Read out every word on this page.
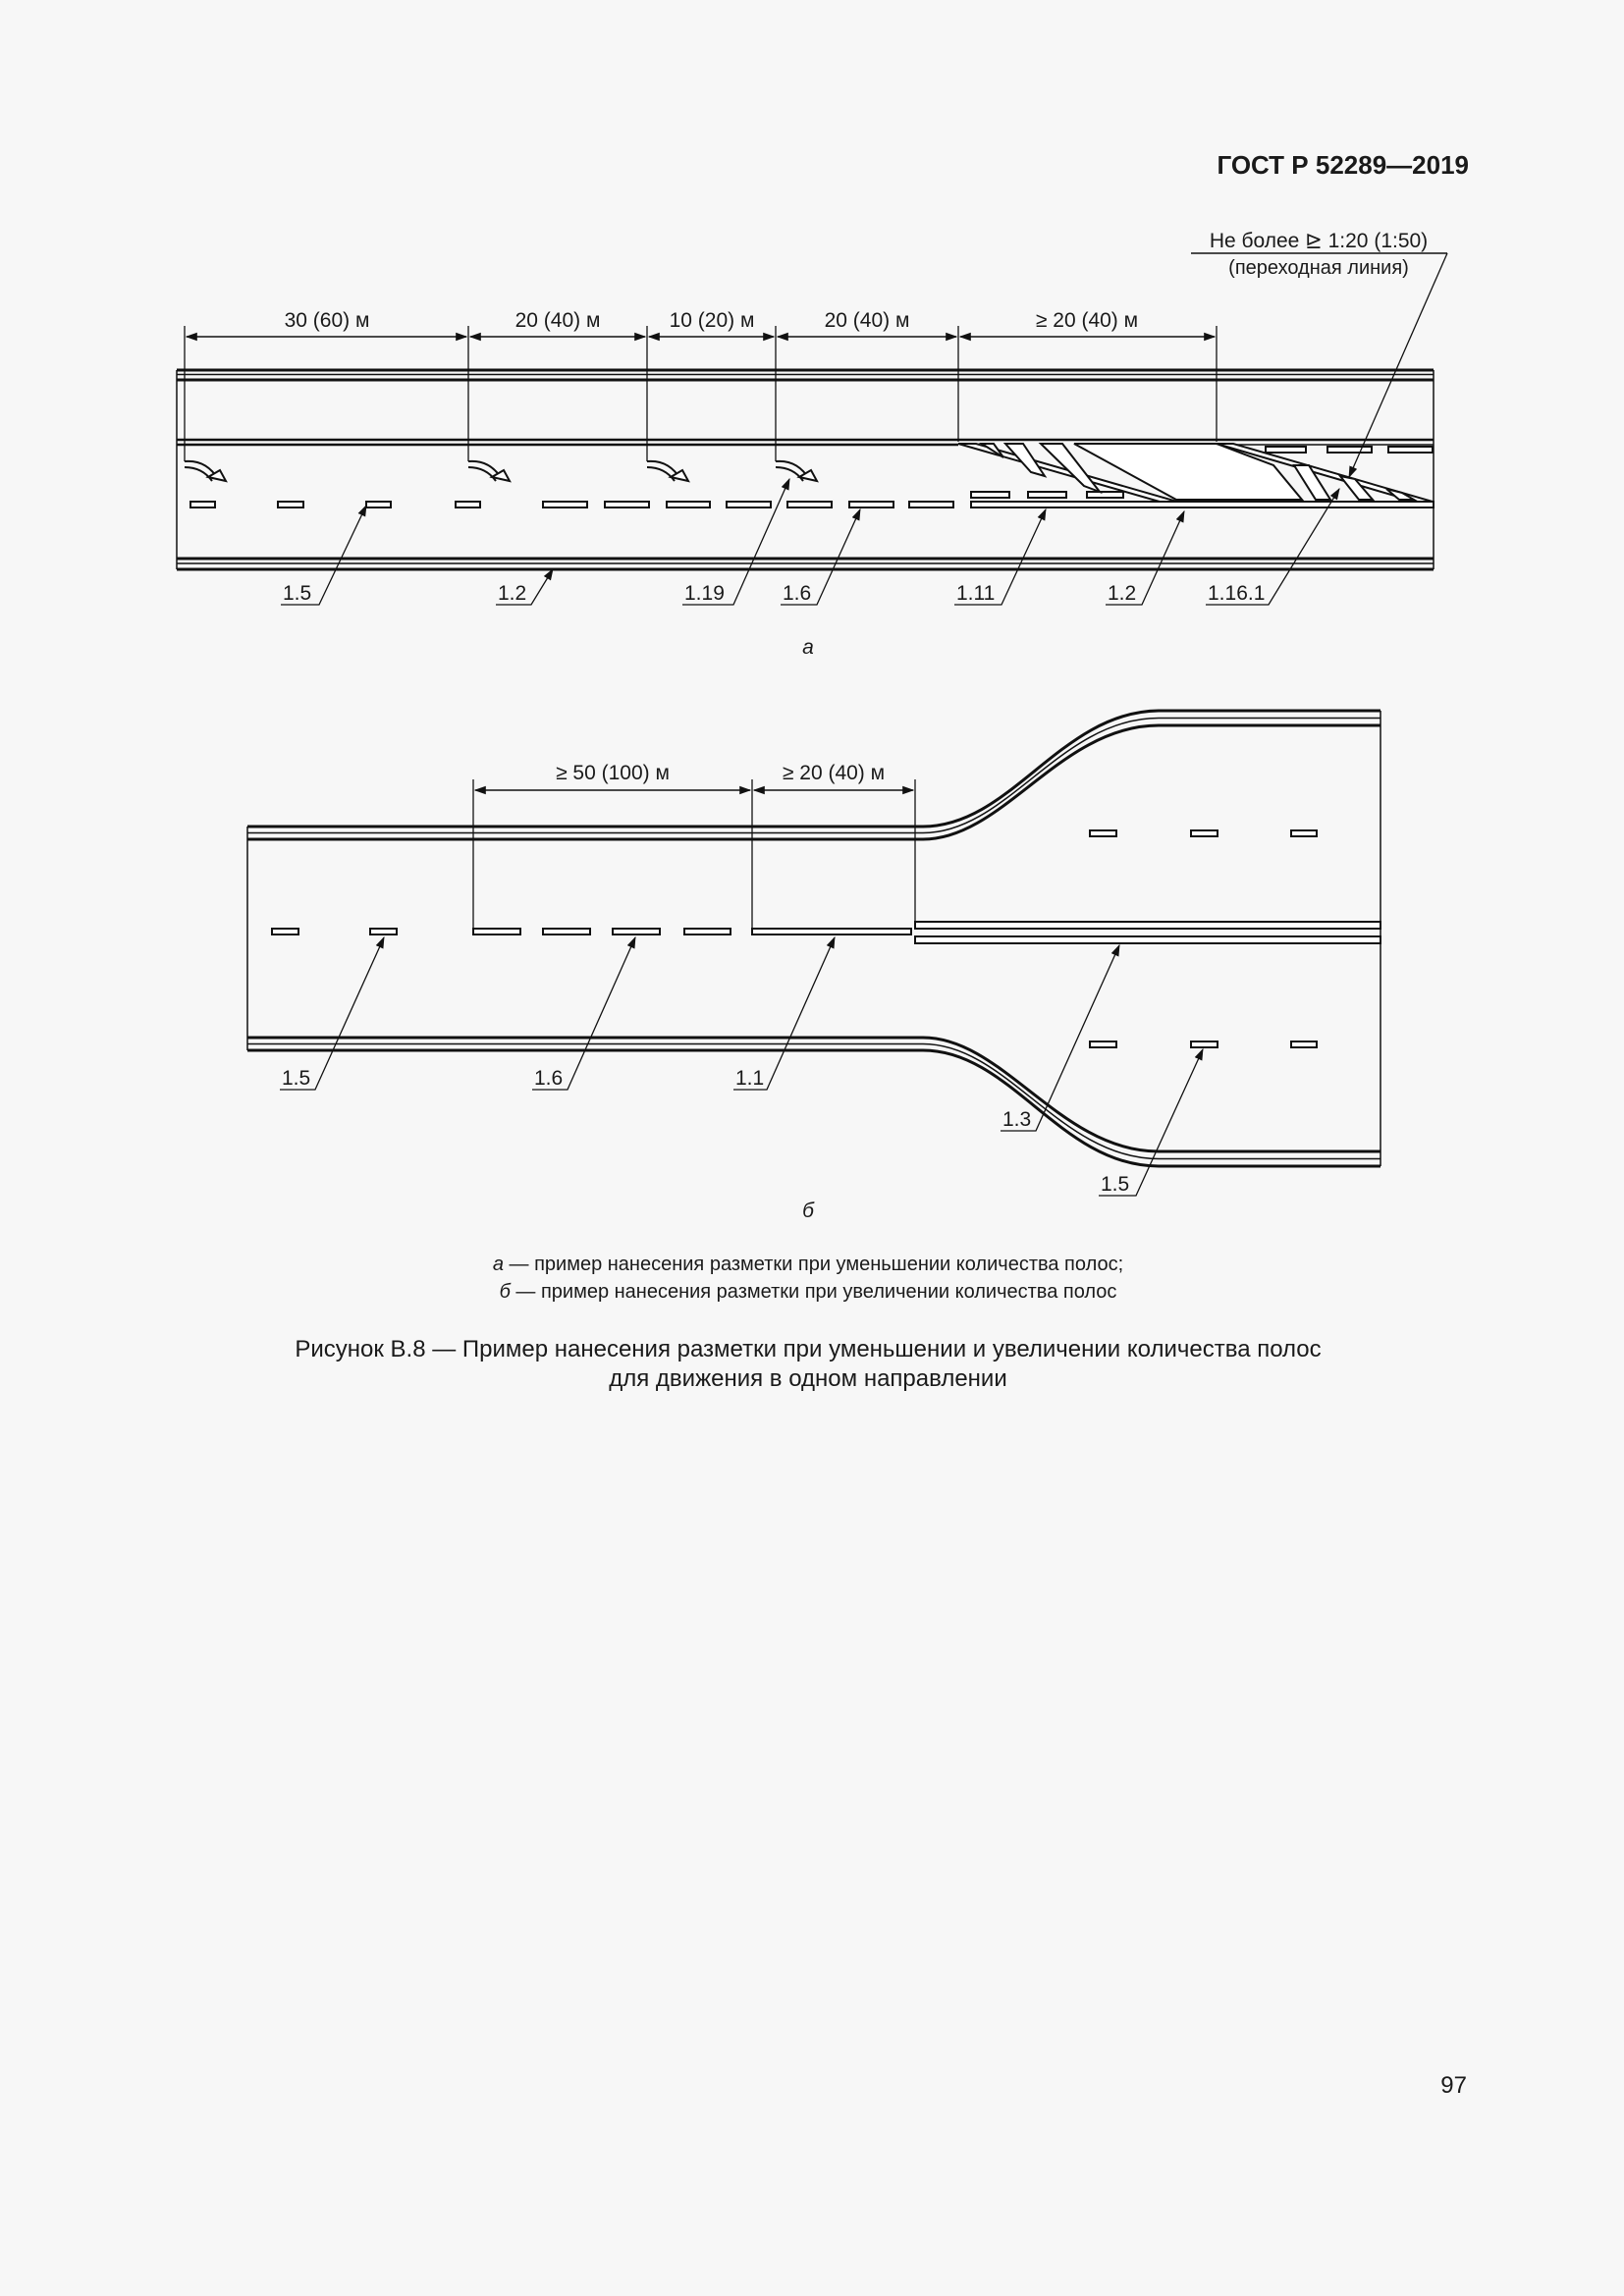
ГОСТ Р 52289—2019
30 (60) м	20 (40) м	10 (20) м	20 (40) м	≥ 20 (40) м
Не более ⊵ 1:20 (1:50)
(переходная линия)
1.5	1.2	1.19	1.6	1.11	1.2	1.16.1
а
≥ 50 (100) м	≥ 20 (40) м
1.5	1.6	1.1
1.3
1.5
б
а — пример нанесения разметки при уменьшении количества полос;
б — пример нанесения разметки при увеличении количества полос
Рисунок В.8 — Пример нанесения разметки при уменьшении и увеличении количества полос
для движения в одном направлении
97
